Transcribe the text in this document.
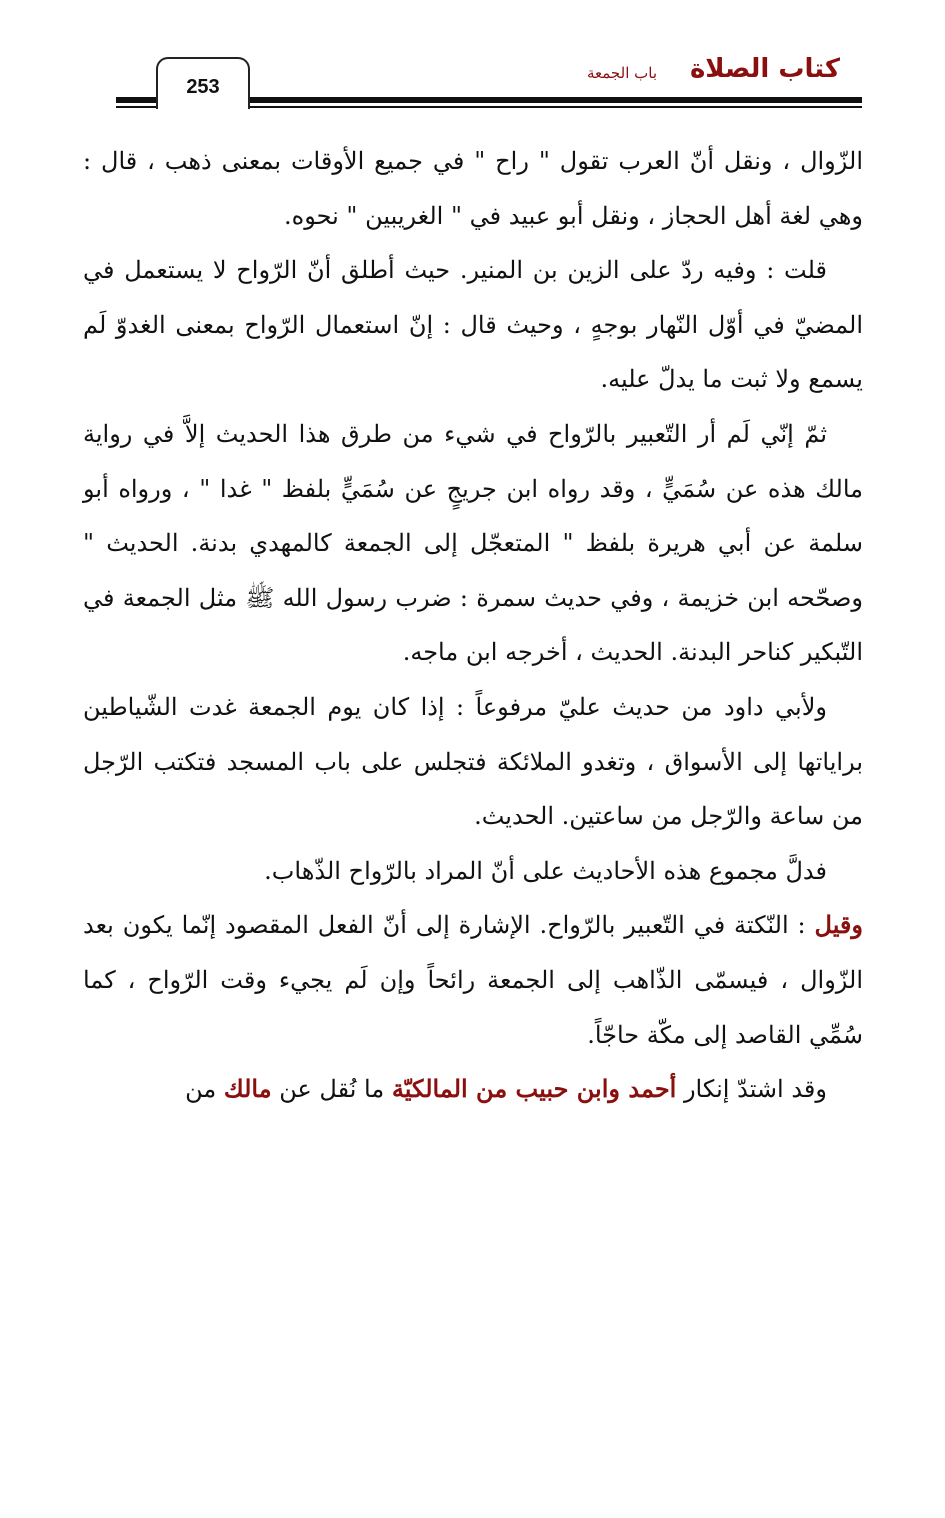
253
كتاب الصلاة
باب الجمعة

الزّوال ، ونقل أنّ العرب تقول " راح " في جميع الأوقات بمعنى ذهب ، قال : وهي لغة أهل الحجاز ، ونقل أبو عبيد في " الغريبين " نحوه.

قلت : وفيه ردّ على الزين بن المنير. حيث أطلق أنّ الرّواح لا يستعمل في المضيّ في أوّل النّهار بوجهٍ ، وحيث قال : إنّ استعمال الرّواح بمعنى الغدوّ لَم يسمع ولا ثبت ما يدلّ عليه.

ثمّ إنّي لَم أر التّعبير بالرّواح في شيء من طرق هذا الحديث إلاَّ في رواية مالك هذه عن سُمَيٍّ ، وقد رواه ابن جريجٍ عن سُمَيٍّ بلفظ " غدا " ، ورواه أبو سلمة عن أبي هريرة بلفظ " المتعجّل إلى الجمعة كالمهدي بدنة. الحديث " وصحّحه ابن خزيمة ، وفي حديث سمرة : ضرب رسول الله ﷺ مثل الجمعة في التّبكير كناحر البدنة. الحديث ، أخرجه ابن ماجه.

ولأبي داود من حديث عليّ مرفوعاً : إذا كان يوم الجمعة غدت الشّياطين براياتها إلى الأسواق ، وتغدو الملائكة فتجلس على باب المسجد فتكتب الرّجل من ساعة والرّجل من ساعتين. الحديث.

فدلَّ مجموع هذه الأحاديث على أنّ المراد بالرّواح الذّهاب.

وقيل : النّكتة في التّعبير بالرّواح. الإشارة إلى أنّ الفعل المقصود إنّما يكون بعد الزّوال ، فيسمّى الذّاهب إلى الجمعة رائحاً وإن لَم يجيء وقت الرّواح ، كما سُمِّي القاصد إلى مكّة حاجّاً.

وقد اشتدّ إنكار أحمد وابن حبيب من المالكيّة ما نُقل عن مالك من
